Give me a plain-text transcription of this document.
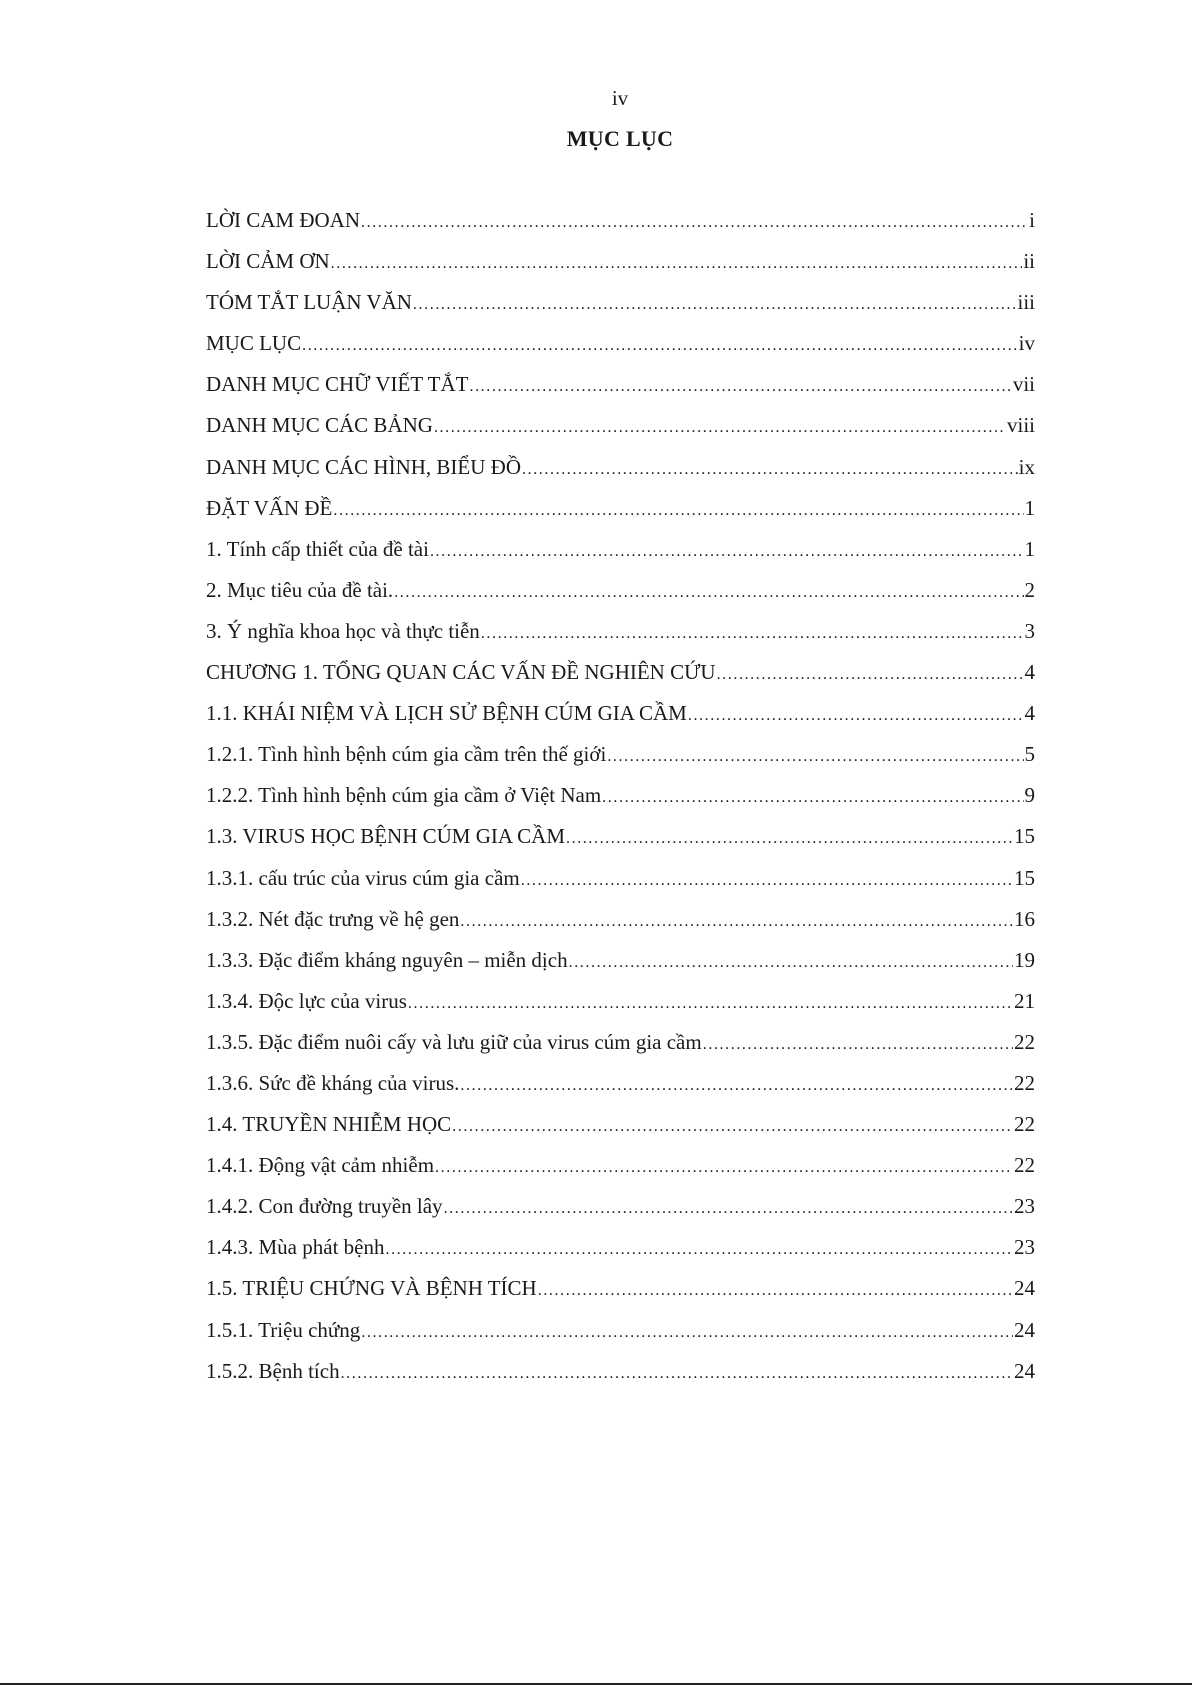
iv
MỤC LỤC
LỜI CAM ĐOAN .....	i
LỜI CẢM ƠN .....	ii
TÓM TẮT LUẬN VĂN .....	iii
MỤC LỤC .....	iv
DANH MỤC CHỮ VIẾT TẮT .....	vii
DANH MỤC CÁC BẢNG .....	viii
DANH MỤC CÁC HÌNH, BIỂU ĐỒ .....	ix
ĐẶT VẤN ĐỀ .....	1
1. Tính cấp thiết của đề tài .....	1
2. Mục tiêu của đề tài. .....	2
3. Ý nghĩa khoa học và thực tiễn .....	3
CHƯƠNG 1. TỔNG QUAN CÁC VẤN ĐỀ NGHIÊN CỨU .....	4
1.1. KHÁI NIỆM VÀ LỊCH SỬ BỆNH CÚM GIA CẦM .....	4
1.2.1. Tình hình bệnh cúm gia cầm trên thế giới .....	5
1.2.2. Tình hình bệnh cúm gia cầm ở Việt Nam .....	9
1.3. VIRUS HỌC BỆNH CÚM GIA CẦM .....	15
1.3.1. cấu trúc của virus cúm gia cầm .....	15
1.3.2. Nét đặc trưng về hệ gen .....	16
1.3.3. Đặc điểm kháng nguyên – miễn dịch .....	19
1.3.4. Độc lực của virus .....	21
1.3.5. Đặc điểm nuôi cấy và lưu giữ của virus cúm gia cầm .....	22
1.3.6. Sức đề kháng của virus. .....	22
1.4. TRUYỀN NHIỄM HỌC .....	22
1.4.1. Động vật cảm nhiễm .....	22
1.4.2. Con đường truyền lây .....	23
1.4.3. Mùa phát bệnh .....	23
1.5. TRIỆU CHỨNG VÀ BỆNH TÍCH .....	24
1.5.1. Triệu chứng .....	24
1.5.2. Bệnh tích .....	24
